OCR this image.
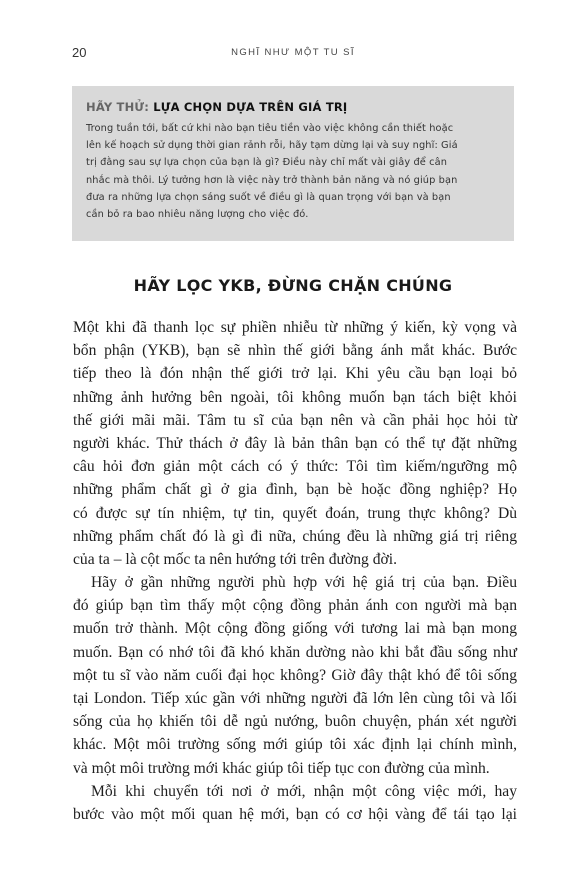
20	NGHĨ NHƯ MỘT TU SĨ
HÃY THỬ: LỰA CHỌN DỰA TRÊN GIÁ TRỊ
Trong tuần tới, bất cứ khi nào bạn tiêu tiền vào việc không cần thiết hoặc
lên kế hoạch sử dụng thời gian rảnh rỗi, hãy tạm dừng lại và suy nghĩ: Giá
trị đằng sau sự lựa chọn của bạn là gì? Điều này chỉ mất vài giây để cân
nhắc mà thôi. Lý tưởng hơn là việc này trở thành bản năng và nó giúp bạn
đưa ra những lựa chọn sáng suốt về điều gì là quan trọng với bạn và bạn
cần bỏ ra bao nhiêu năng lượng cho việc đó.
HÃY LỌC YKB, ĐỪNG CHẶN CHÚNG
Một khi đã thanh lọc sự phiền nhiễu từ những ý kiến, kỳ vọng và
bổn phận (YKB), bạn sẽ nhìn thế giới bằng ánh mắt khác. Bước
tiếp theo là đón nhận thế giới trở lại. Khi yêu cầu bạn loại bỏ
những ảnh hưởng bên ngoài, tôi không muốn bạn tách biệt khỏi
thế giới mãi mãi. Tâm tu sĩ của bạn nên và cần phải học hỏi từ
người khác. Thử thách ở đây là bản thân bạn có thể tự đặt những
câu hỏi đơn giản một cách có ý thức: Tôi tìm kiếm/ngưỡng mộ
những phẩm chất gì ở gia đình, bạn bè hoặc đồng nghiệp? Họ
có được sự tín nhiệm, tự tin, quyết đoán, trung thực không? Dù
những phẩm chất đó là gì đi nữa, chúng đều là những giá trị riêng
của ta – là cột mốc ta nên hướng tới trên đường đời.
Hãy ở gần những người phù hợp với hệ giá trị của bạn. Điều
đó giúp bạn tìm thấy một cộng đồng phản ánh con người mà bạn
muốn trở thành. Một cộng đồng giống với tương lai mà bạn mong
muốn. Bạn có nhớ tôi đã khó khăn dường nào khi bắt đầu sống như
một tu sĩ vào năm cuối đại học không? Giờ đây thật khó để tôi sống
tại London. Tiếp xúc gần với những người đã lớn lên cùng tôi và lối
sống của họ khiến tôi dễ ngủ nướng, buôn chuyện, phán xét người
khác. Một môi trường sống mới giúp tôi xác định lại chính mình,
và một môi trường mới khác giúp tôi tiếp tục con đường của mình.
Mỗi khi chuyển tới nơi ở mới, nhận một công việc mới, hay
bước vào một mối quan hệ mới, bạn có cơ hội vàng để tái tạo lại
